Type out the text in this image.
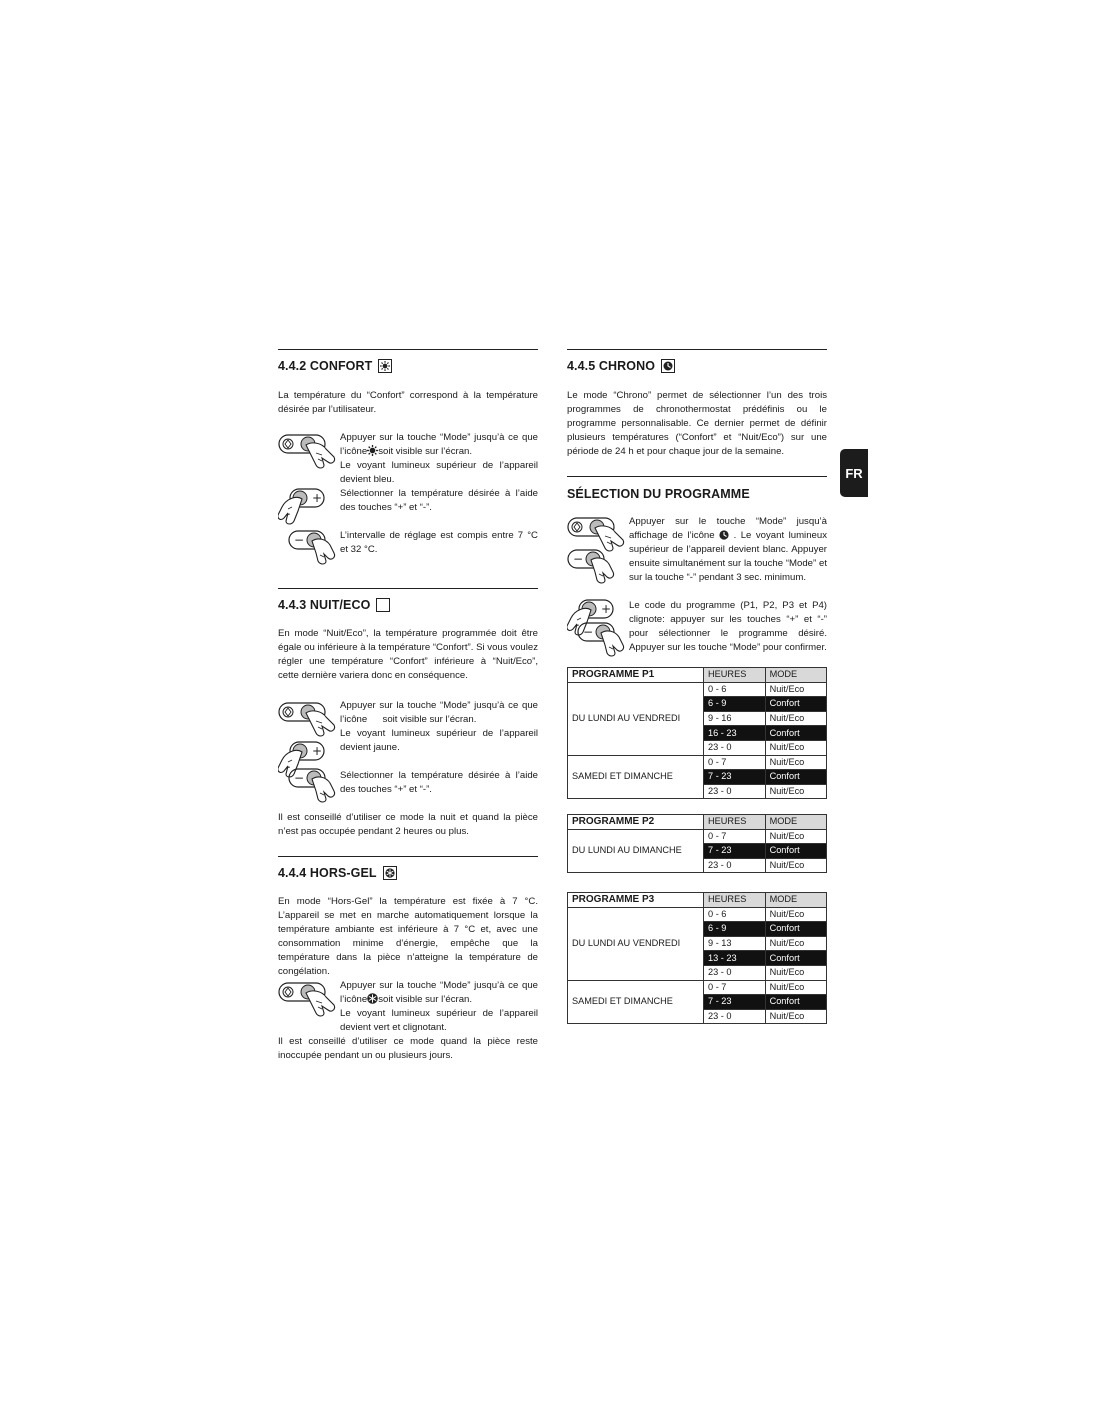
FR
4.4.2 CONFORT

La température du “Confort” correspond à la température désirée par l’utilisateur.

Appuyer sur la touche “Mode” jusqu’à ce que l’icône soit visible sur l’écran.

Le voyant lumineux supérieur de l’appareil devient bleu.

Sélectionner la température désirée à l’aide des touches “+” et “-”.

L’intervalle de réglage est compis entre 7 °C et 32 °C.

4.4.3 NUIT/ECO

En mode “Nuit/Eco”, la température programmée doit être égale ou inférieure à la température “Confort”. Si vous voulez régler une température “Confort” inférieure à “Nuit/Eco”, cette dernière variera donc en conséquence.

Appuyer sur la touche “Mode” jusqu’à ce que l’icône soit visible sur l’écran.

Le voyant lumineux supérieur de l’appareil devient jaune.

Sélectionner la température désirée à l’aide des touches “+” et “-”.

Il est conseillé d’utiliser ce mode la nuit et quand la pièce n’est pas occupée pendant 2 heures ou plus.

4.4.4 HORS-GEL

En mode “Hors-Gel” la température est fixée à 7 °C. L’appareil se met en marche automatiquement lorsque la température ambiante est inférieure à 7 °C et, avec une consommation minime d’énergie, empêche que la température dans la pièce n’atteigne la température de congélation.

Appuyer sur la touche “Mode” jusqu’à ce que l’icône soit visible sur l’écran.

Le voyant lumineux supérieur de l’appareil devient vert et clignotant.

Il est conseillé d’utiliser ce mode quand la pièce reste inoccupée pendant un ou plusieurs jours.

4.4.5 CHRONO

Le mode “Chrono” permet de sélectionner l’un des trois programmes de chronothermostat prédéfinis ou le programme personnalisable. Ce dernier permet de définir plusieurs températures (“Confort” et “Nuit/Eco”) sur une période de 24 h et pour chaque jour de la semaine.

SÉLECTION DU PROGRAMME

Appuyer sur le touche “Mode” jusqu’à affichage de l’icône . Le voyant lumineux supérieur de l’appareil devient blanc. Appuyer ensuite simultanément sur la touche “Mode” et sur la touche “-” pendant 3 sec. minimum.

Le code du programme (P1, P2, P3 et P4) clignote: appuyer sur les touches “+” et “-” pour sélectionner le programme désiré. Appuyer sur les touche “Mode” pour confirmer.

PROGRAMME P1	HEURES	MODE
DU LUNDI AU VENDREDI	0 - 6	Nuit/Eco
	6 - 9	Confort
	9 - 16	Nuit/Eco
	16 - 23	Confort
	23 - 0	Nuit/Eco
SAMEDI ET DIMANCHE	0 - 7	Nuit/Eco
	7 - 23	Confort
	23 - 0	Nuit/Eco
PROGRAMME P2	HEURES	MODE
DU LUNDI AU DIMANCHE	0 - 7	Nuit/Eco
	7 - 23	Confort
	23 - 0	Nuit/Eco
PROGRAMME P3	HEURES	MODE
DU LUNDI AU VENDREDI	0 - 6	Nuit/Eco
	6 - 9	Confort
	9 - 13	Nuit/Eco
	13 - 23	Confort
	23 - 0	Nuit/Eco
SAMEDI ET DIMANCHE	0 - 7	Nuit/Eco
	7 - 23	Confort
	23 - 0	Nuit/Eco
